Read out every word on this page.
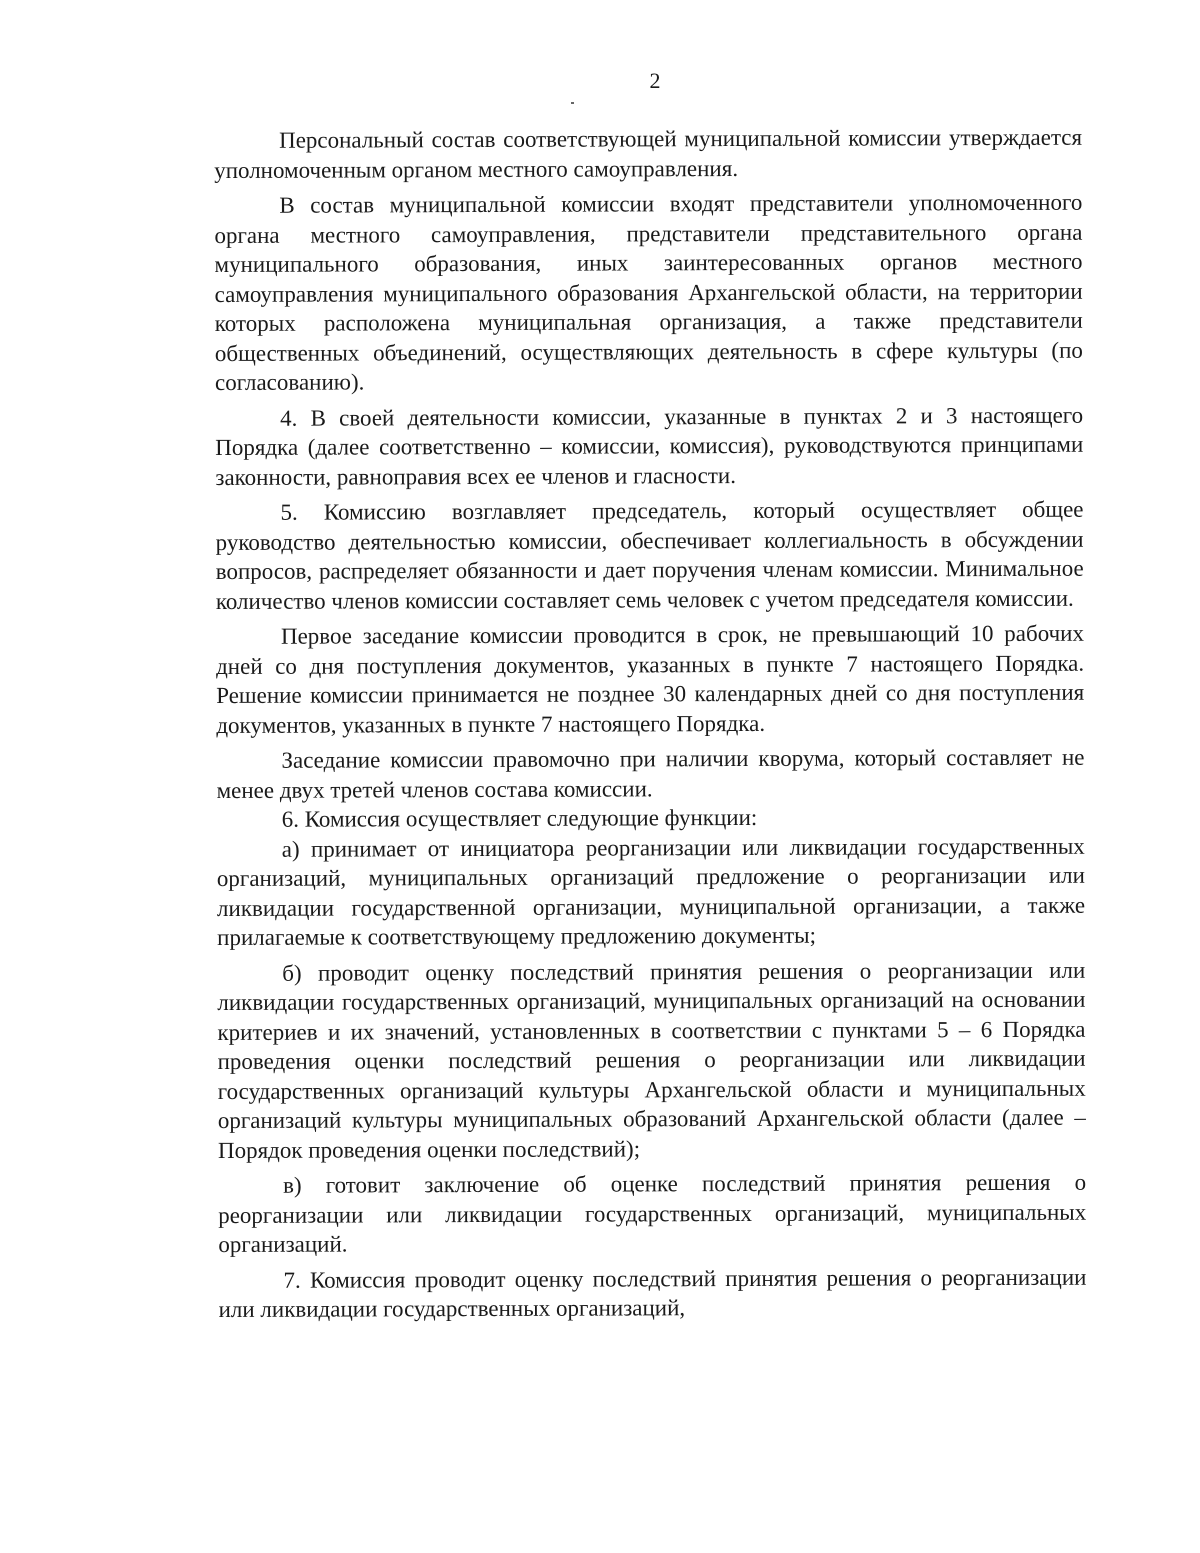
2

Персональный состав соответствующей муниципальной комиссии утверждается уполномоченным органом местного самоуправления.

В состав муниципальной комиссии входят представители уполномоченного органа местного самоуправления, представители представительного органа муниципального образования, иных заинтересованных органов местного самоуправления муниципального образования Архангельской области, на территории которых расположена муниципальная организация, а также представители общественных объединений, осуществляющих деятельность в сфере культуры (по согласованию).

4. В своей деятельности комиссии, указанные в пунктах 2 и 3 настоящего Порядка (далее соответственно – комиссии, комиссия), руководствуются принципами законности, равноправия всех ее членов и гласности.

5. Комиссию возглавляет председатель, который осуществляет общее руководство деятельностью комиссии, обеспечивает коллегиальность в обсуждении вопросов, распределяет обязанности и дает поручения членам комиссии. Минимальное количество членов комиссии составляет семь человек с учетом председателя комиссии.

Первое заседание комиссии проводится в срок, не превышающий 10 рабочих дней со дня поступления документов, указанных в пункте 7 настоящего Порядка. Решение комиссии принимается не позднее 30 календарных дней со дня поступления документов, указанных в пункте 7 настоящего Порядка.

Заседание комиссии правомочно при наличии кворума, который составляет не менее двух третей членов состава комиссии.

6. Комиссия осуществляет следующие функции:

а) принимает от инициатора реорганизации или ликвидации государственных организаций, муниципальных организаций предложение о реорганизации или ликвидации государственной организации, муниципальной организации, а также прилагаемые к соответствующему предложению документы;

б) проводит оценку последствий принятия решения о реорганизации или ликвидации государственных организаций, муниципальных организаций на основании критериев и их значений, установленных в соответствии с пунктами 5 – 6 Порядка проведения оценки последствий решения о реорганизации или ликвидации государственных организаций культуры Архангельской области и муниципальных организаций культуры муниципальных образований Архангельской области (далее – Порядок проведения оценки последствий);

в) готовит заключение об оценке последствий принятия решения о реорганизации или ликвидации государственных организаций, муниципальных организаций.

7. Комиссия проводит оценку последствий принятия решения о реорганизации или ликвидации государственных организаций,
